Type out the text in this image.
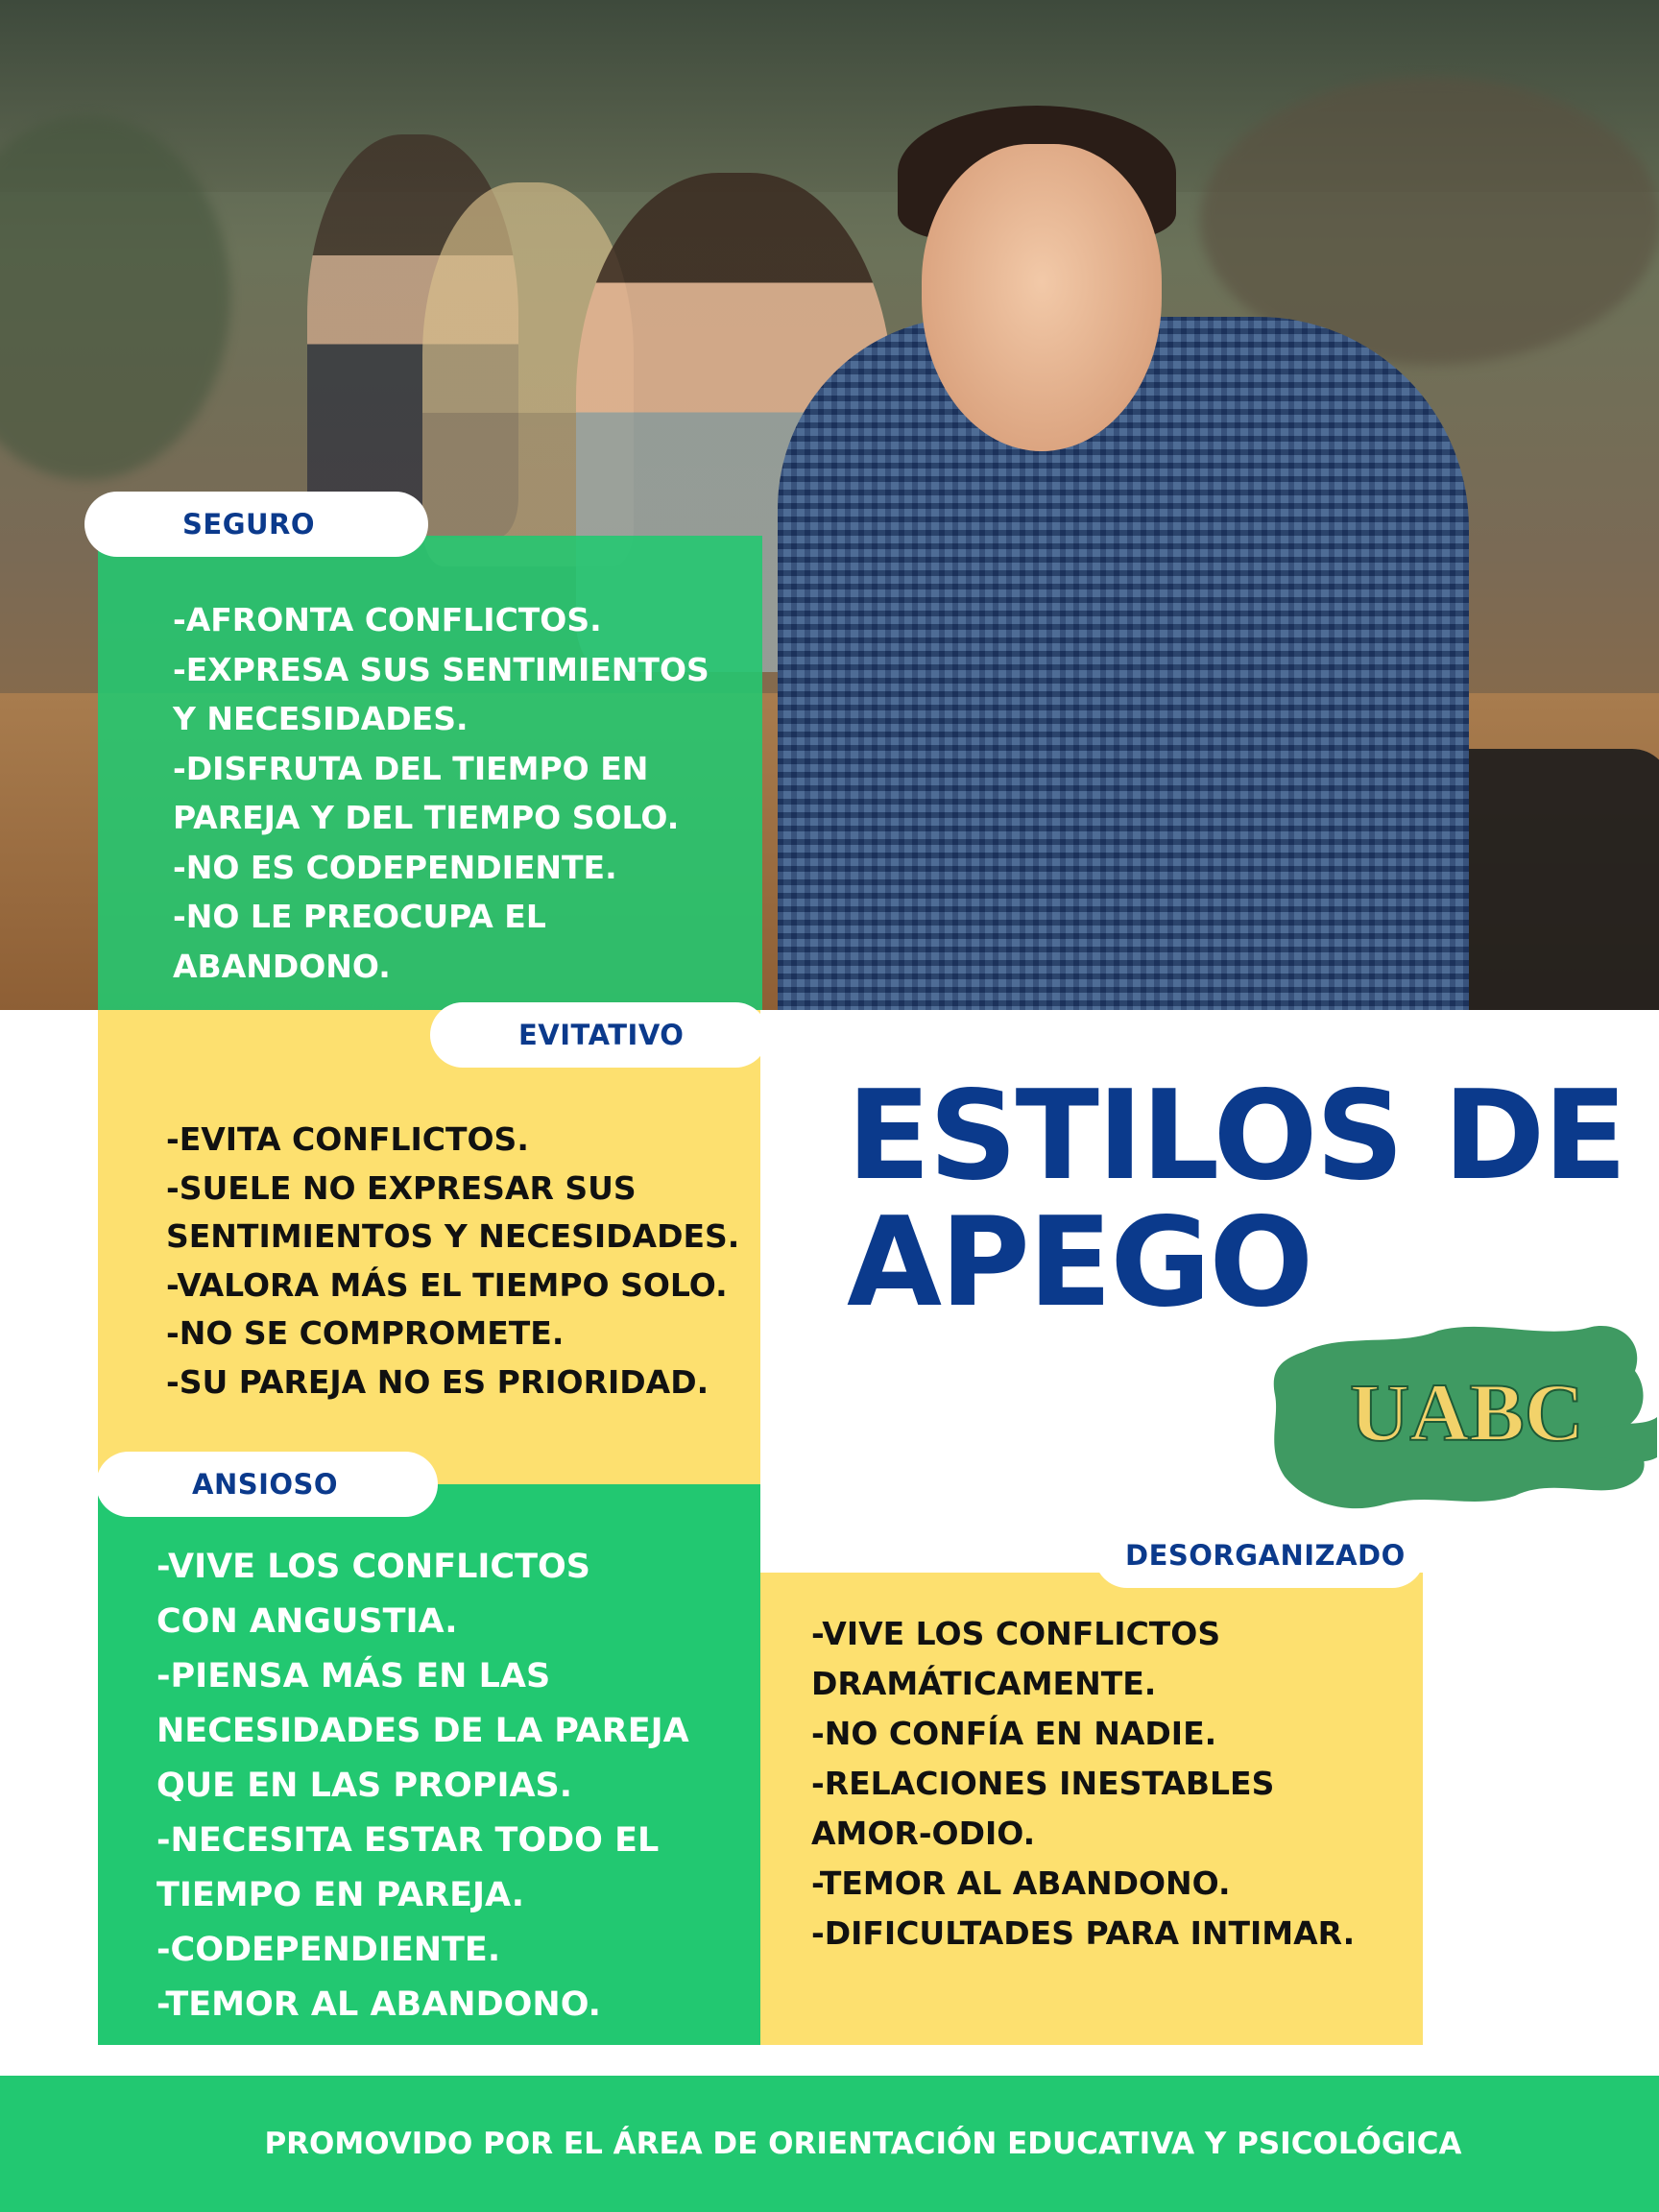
-AFRONTA CONFLICTOS.
-EXPRESA SUS SENTIMIENTOS
Y NECESIDADES.
-DISFRUTA DEL TIEMPO EN
PAREJA Y DEL TIEMPO SOLO.
-NO ES CODEPENDIENTE.
-NO LE PREOCUPA EL
ABANDONO.
SEGURO
-EVITA CONFLICTOS.
-SUELE NO EXPRESAR SUS
SENTIMIENTOS Y NECESIDADES.
-VALORA MÁS EL TIEMPO SOLO.
-NO SE COMPROMETE.
-SU PAREJA NO ES PRIORIDAD.
EVITATIVO
ESTILOS DE
APEGO
UABC
-VIVE LOS CONFLICTOS
CON ANGUSTIA.
-PIENSA MÁS EN LAS
NECESIDADES DE LA PAREJA
QUE EN LAS PROPIAS.
-NECESITA ESTAR TODO EL
TIEMPO EN PAREJA.
-CODEPENDIENTE.
-TEMOR AL ABANDONO.
ANSIOSO
-VIVE LOS CONFLICTOS
DRAMÁTICAMENTE.
-NO CONFÍA EN NADIE.
-RELACIONES INESTABLES
AMOR-ODIO.
-TEMOR AL ABANDONO.
-DIFICULTADES PARA INTIMAR.
DESORGANIZADO
PROMOVIDO POR EL ÁREA DE ORIENTACIÓN EDUCATIVA Y PSICOLÓGICA
